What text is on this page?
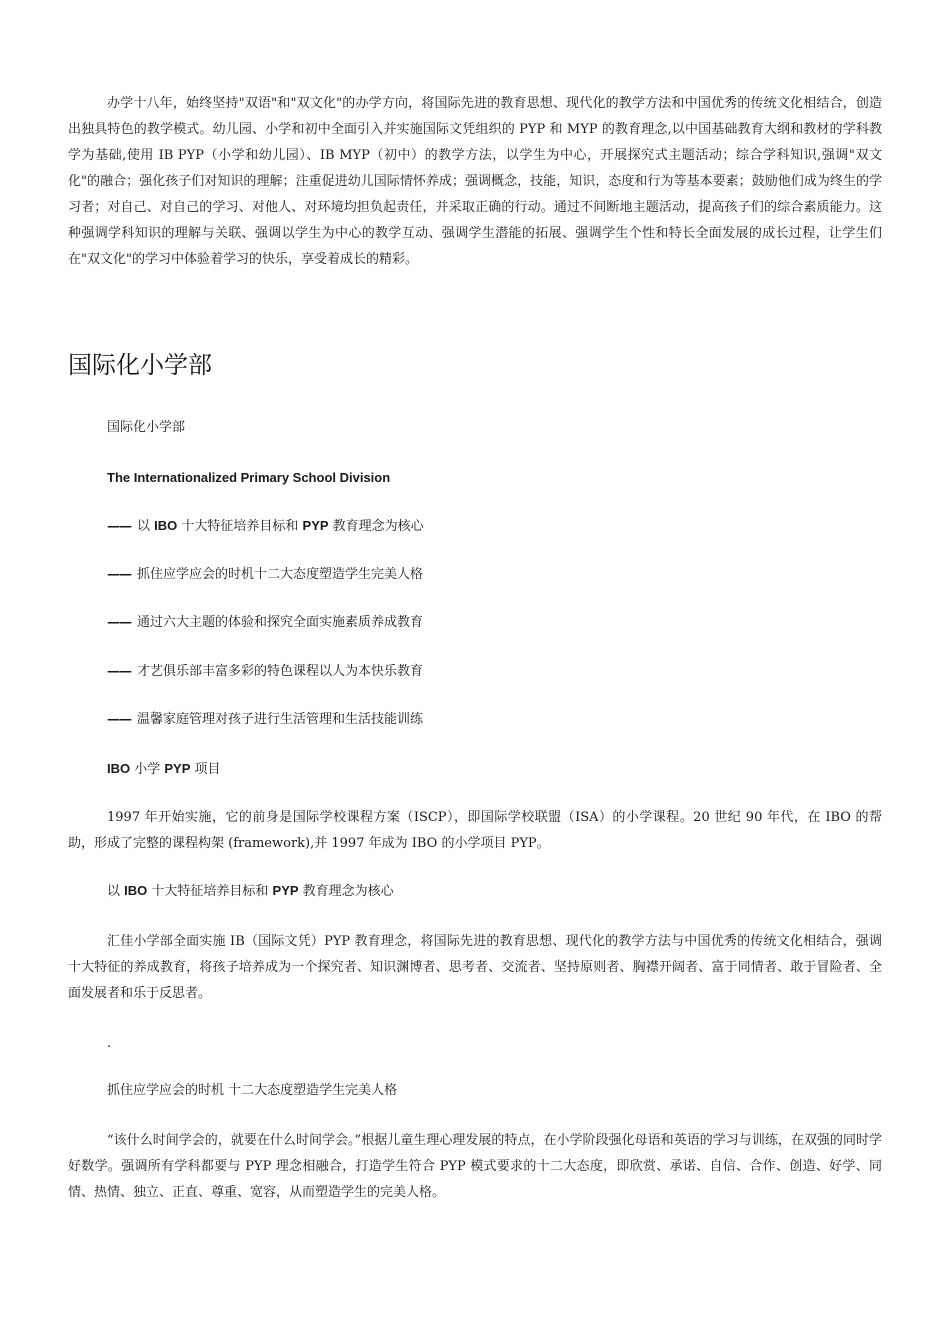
办学十八年，始终坚持"双语"和"双文化"的办学方向，将国际先进的教育思想、现代化的教学方法和中国优秀的传统文化相结合，创造出独具特色的教学模式。幼儿园、小学和初中全面引入并实施国际文凭组织的 PYP 和 MYP 的教育理念,以中国基础教育大纲和教材的学科教学为基础,使用 IB PYP（小学和幼儿园）、IB MYP（初中）的教学方法，以学生为中心，开展探究式主题活动；综合学科知识,强调"双文化"的融合；强化孩子们对知识的理解；注重促进幼儿国际情怀养成；强调概念，技能，知识，态度和行为等基本要素；鼓励他们成为终生的学习者；对自己、对自己的学习、对他人、对环境均担负起责任，并采取正确的行动。通过不间断地主题活动，提高孩子们的综合素质能力。这种强调学科知识的理解与关联、强调以学生为中心的教学互动、强调学生潜能的拓展、强调学生个性和特长全面发展的成长过程，让学生们在"双文化"的学习中体验着学习的快乐，享受着成长的精彩。

国际化小学部

国际化小学部

The Internationalized Primary School Division

—— 以 IBO 十大特征培养目标和 PYP 教育理念为核心

—— 抓住应学应会的时机十二大态度塑造学生完美人格

—— 通过六大主题的体验和探究全面实施素质养成教育

—— 才艺俱乐部丰富多彩的特色课程以人为本快乐教育

—— 温馨家庭管理对孩子进行生活管理和生活技能训练

IBO 小学 PYP 项目

1997 年开始实施，它的前身是国际学校课程方案（ISCP），即国际学校联盟（ISA）的小学课程。20 世纪 90 年代，在 IBO 的帮助，形成了完整的课程构架 (framework),并 1997 年成为 IBO 的小学项目 PYP。

以 IBO 十大特征培养目标和 PYP 教育理念为核心

汇佳小学部全面实施 IB（国际文凭）PYP 教育理念，将国际先进的教育思想、现代化的教学方法与中国优秀的传统文化相结合，强调十大特征的养成教育，将孩子培养成为一个探究者、知识渊博者、思考者、交流者、坚持原则者、胸襟开阔者、富于同情者、敢于冒险者、全面发展者和乐于反思者。

.

抓住应学应会的时机 十二大态度塑造学生完美人格

“该什么时间学会的，就要在什么时间学会。”根据儿童生理心理发展的特点，在小学阶段强化母语和英语的学习与训练，在双强的同时学好数学。强调所有学科都要与 PYP 理念相融合，打造学生符合 PYP 模式要求的十二大态度，即欣赏、承诺、自信、合作、创造、好学、同情、热情、独立、正直、尊重、宽容，从而塑造学生的完美人格。
